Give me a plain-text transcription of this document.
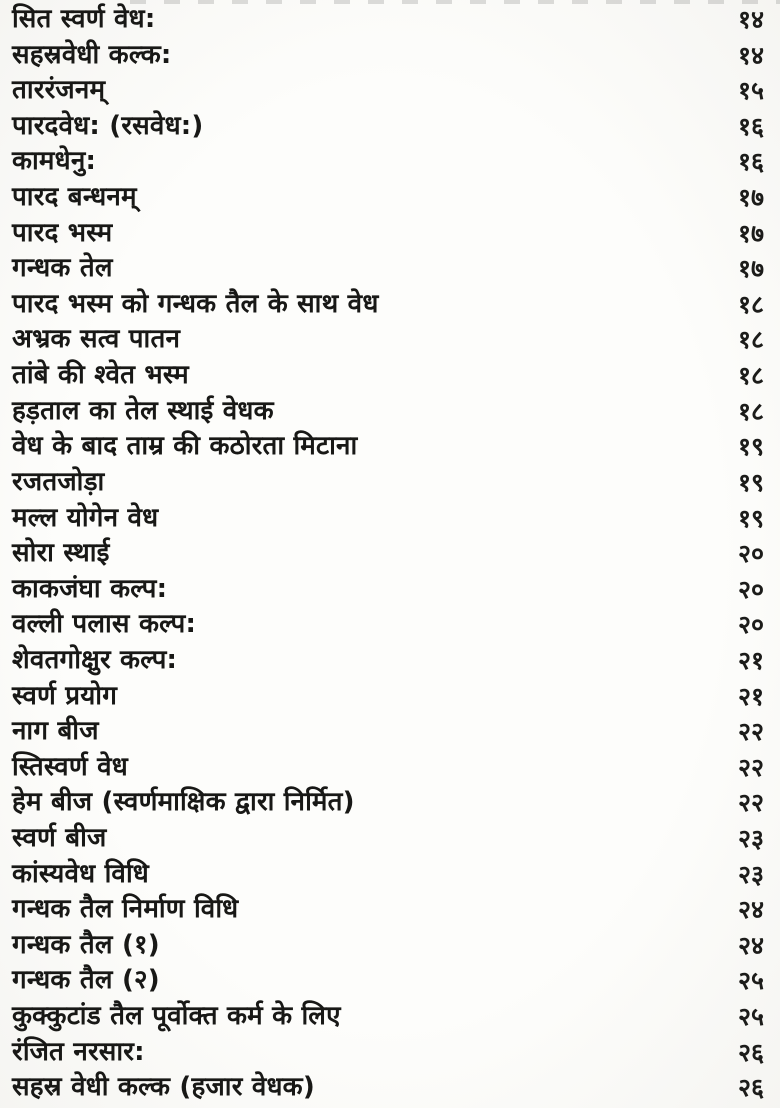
सित स्वर्ण वेध:	१४
सहस्रवेधी कल्क:	१४
ताररंजनम्	१५
पारदवेध: (रसवेध:)	१६
कामधेनु:	१६
पारद बन्धनम्	१७
पारद भस्म	१७
गन्धक तेल	१७
पारद भस्म को गन्धक तैल के साथ वेध	१८
अभ्रक सत्व पातन	१८
तांबे की श्वेत भस्म	१८
हड़ताल का तेल स्थाई वेधक	१८
वेध के बाद ताम्र की कठोरता मिटाना	१९
रजतजोड़ा	१९
मल्ल योगेन वेध	१९
सोरा स्थाई	२०
काकजंघा कल्प:	२०
वल्ली पलास कल्प:	२०
शेवतगोक्षुर कल्प:	२१
स्वर्ण प्रयोग	२१
नाग बीज	२२
स्तिस्वर्ण वेध	२२
हेम बीज (स्वर्णमाक्षिक द्वारा निर्मित)	२२
स्वर्ण बीज	२३
कांस्यवेध विधि	२३
गन्धक तैल निर्माण विधि	२४
गन्धक तैल (१)	२४
गन्धक तैल (२)	२५
कुक्कुटांड तैल पूर्वोक्त कर्म के लिए	२५
रंजित नरसार:	२६
सहस्र वेधी कल्क (हजार वेधक)	२६
